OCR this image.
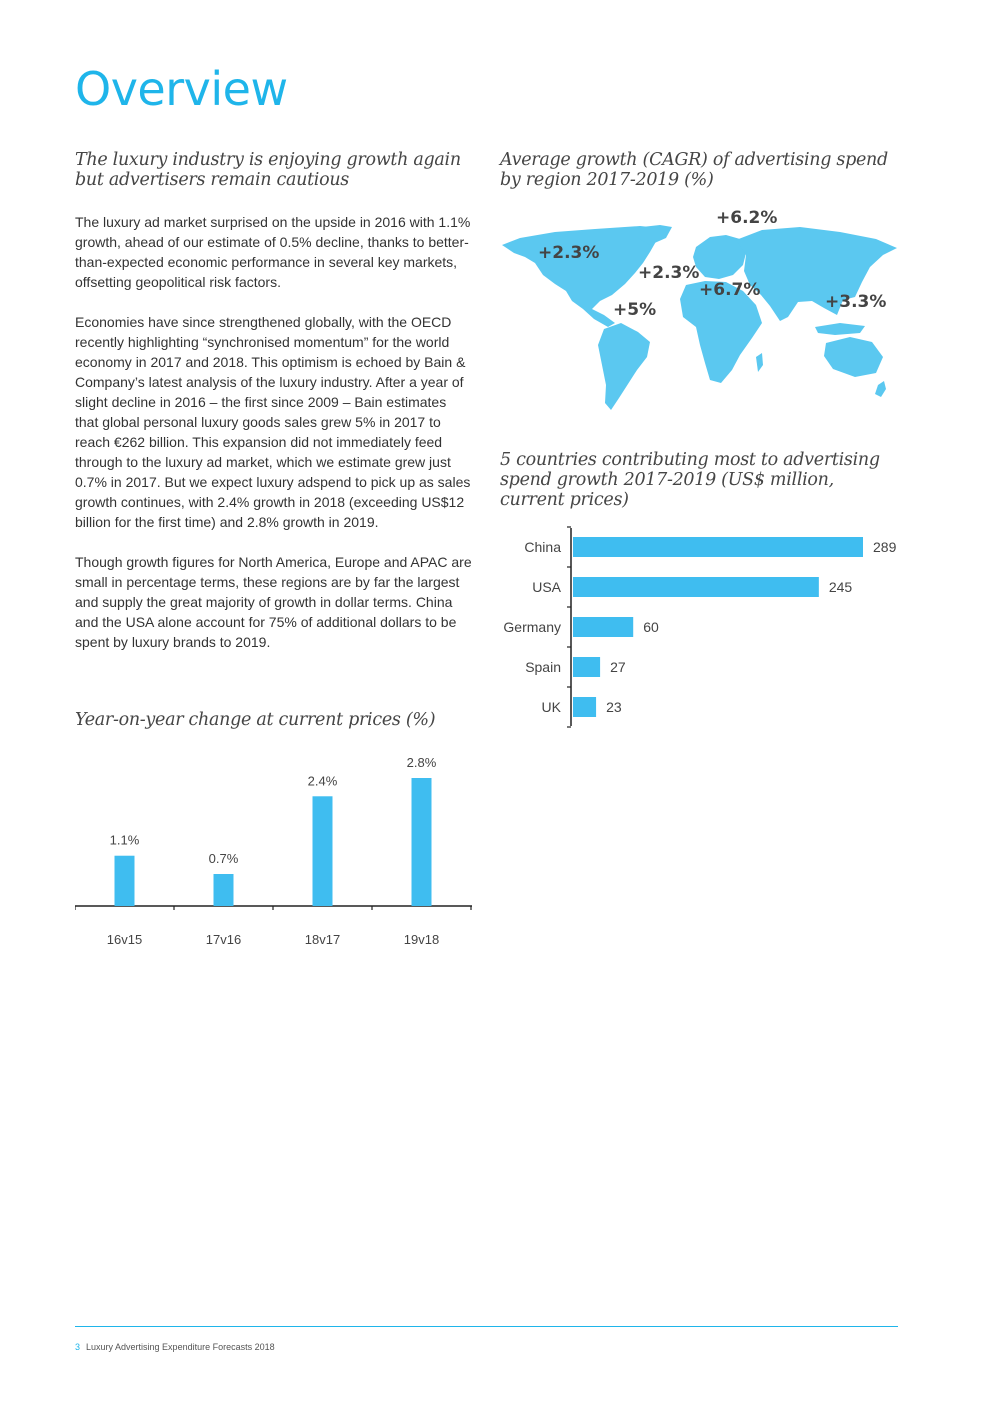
Overview
The luxury industry is enjoying growth again but advertisers remain cautious

The luxury ad market surprised on the upside in 2016 with 1.1% growth, ahead of our estimate of 0.5% decline, thanks to better-than-expected economic performance in several key markets, offsetting geopolitical risk factors.

Economies have since strengthened globally, with the OECD recently highlighting “synchronised momentum” for the world economy in 2017 and 2018. This optimism is echoed by Bain & Company’s latest analysis of the luxury industry. After a year of slight decline in 2016 – the first since 2009 – Bain estimates that global personal luxury goods sales grew 5% in 2017 to reach €262 billion. This expansion did not immediately feed through to the luxury ad market, which we estimate grew just 0.7% in 2017. But we expect luxury adspend to pick up as sales growth continues, with 2.4% growth in 2018 (exceeding US$12 billion for the first time) and 2.8% growth in 2019.

Though growth figures for North America, Europe and APAC are small in percentage terms, these regions are by far the largest and supply the great majority of growth in dollar terms. China and the USA alone account for 75% of additional dollars to be spent by luxury brands to 2019.

Year-on-year change at current prices (%)
1.1%
16v15
0.7%
17v16
2.4%
18v17
2.8%
19v18
Average growth (CAGR) of advertising spend by region 2017-2019 (%)
+6.2%
+2.3%
+2.3%
+6.7%
+3.3%
+5%
5 countries contributing most to advertising spend growth 2017-2019 (US$ million, current prices)
China	289
USA	245
Germany	60
Spain	27
UK	23
3 Luxury Advertising Expenditure Forecasts 2018
